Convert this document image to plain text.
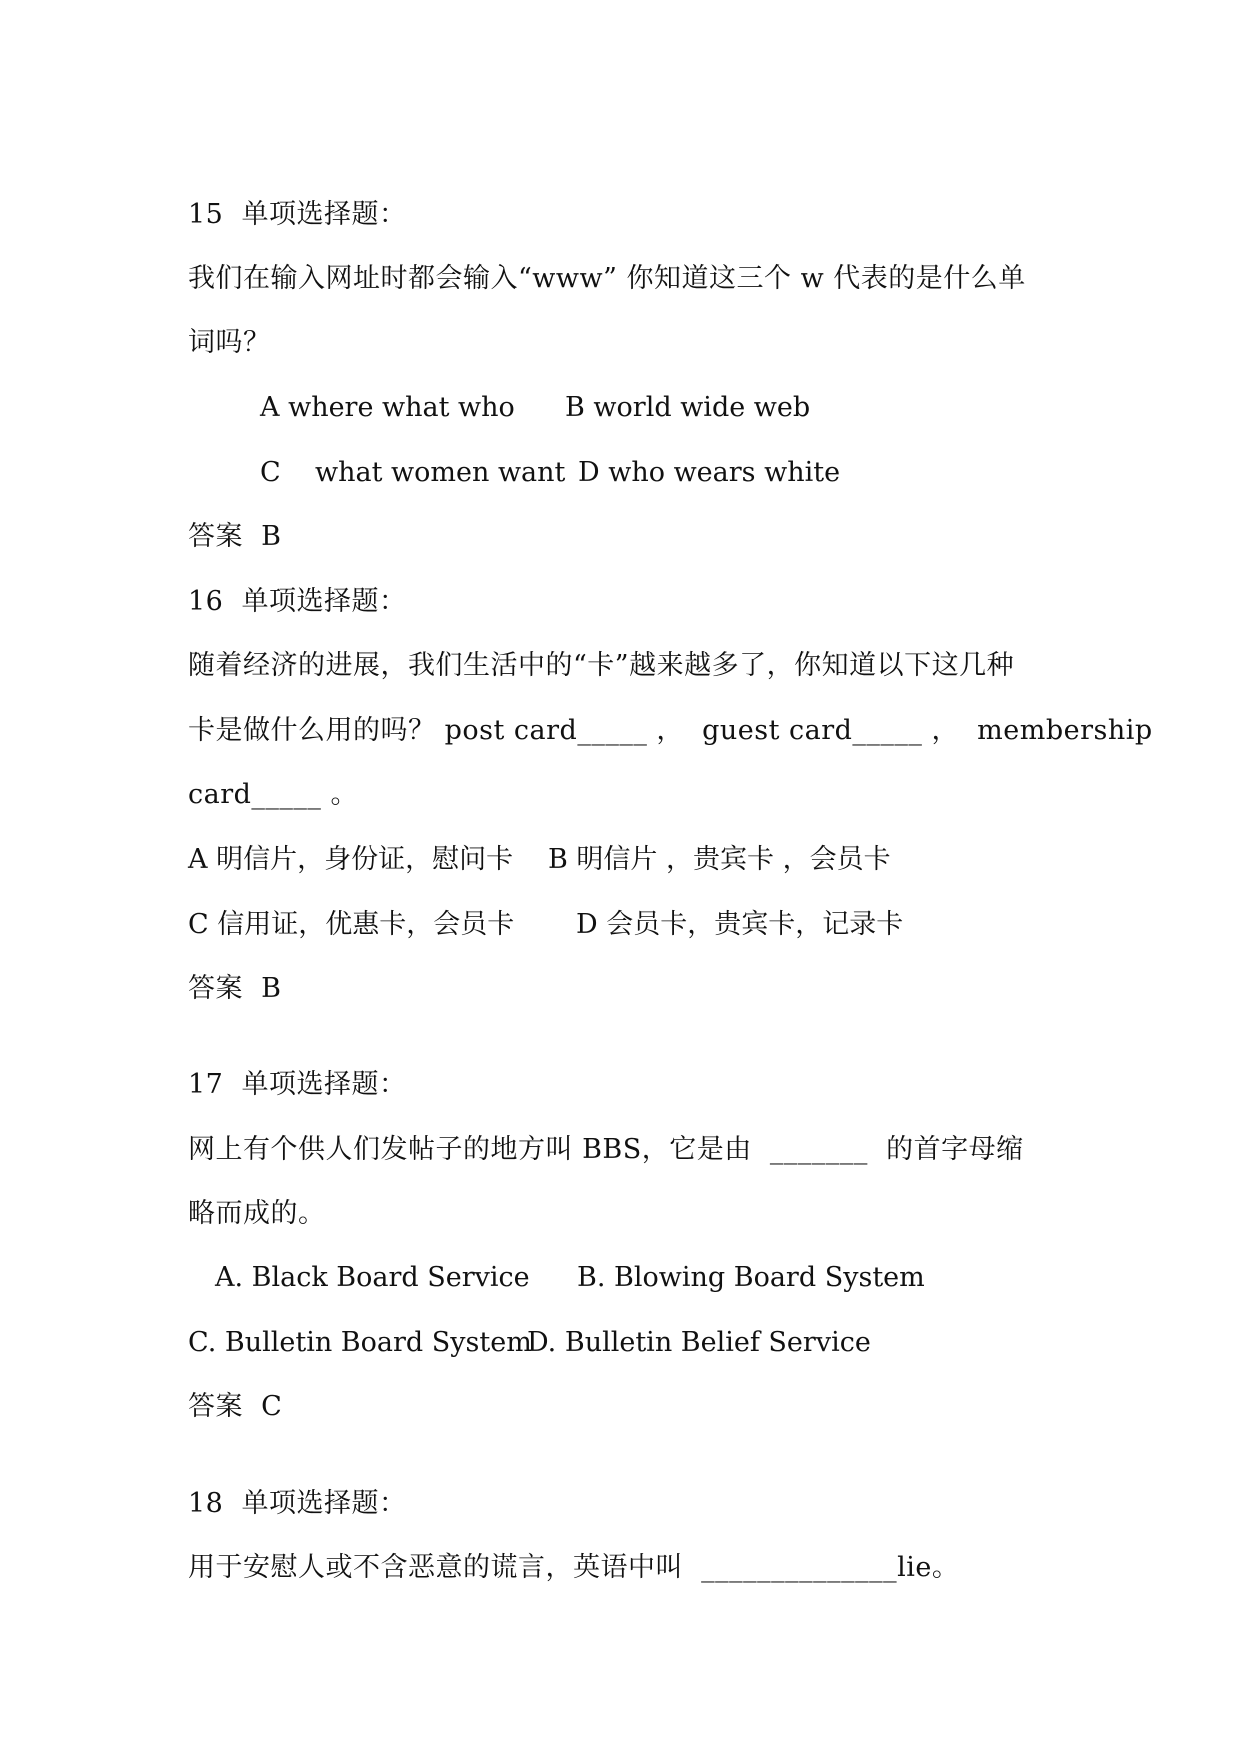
15  单项选择题：
我们在输入网址时都会输入“www” 你知道这三个 w 代表的是什么单
词吗？
A where what who B world wide web
C    what women want D who wears white
答案  B
16  单项选择题：
随着经济的进展，我们生活中的“卡”越来越多了，你知道以下这几种
卡是做什么用的吗？ post card_____ ，  guest card_____ ，  membership
card_____ 。
A 明信片，身份证，慰问卡 B 明信片 ，贵宾卡 ，会员卡
C 信用证，优惠卡，会员卡 D 会员卡，贵宾卡，记录卡
答案  B
17  单项选择题：
网上有个供人们发帖子的地方叫 BBS，它是由  _______  的首字母缩
略而成的。
A. Black Board Service B. Blowing Board System
C. Bulletin Board System
D. Bulletin Belief Service
答案  C
18  单项选择题：
用于安慰人或不含恶意的谎言，英语中叫  ______________lie。
